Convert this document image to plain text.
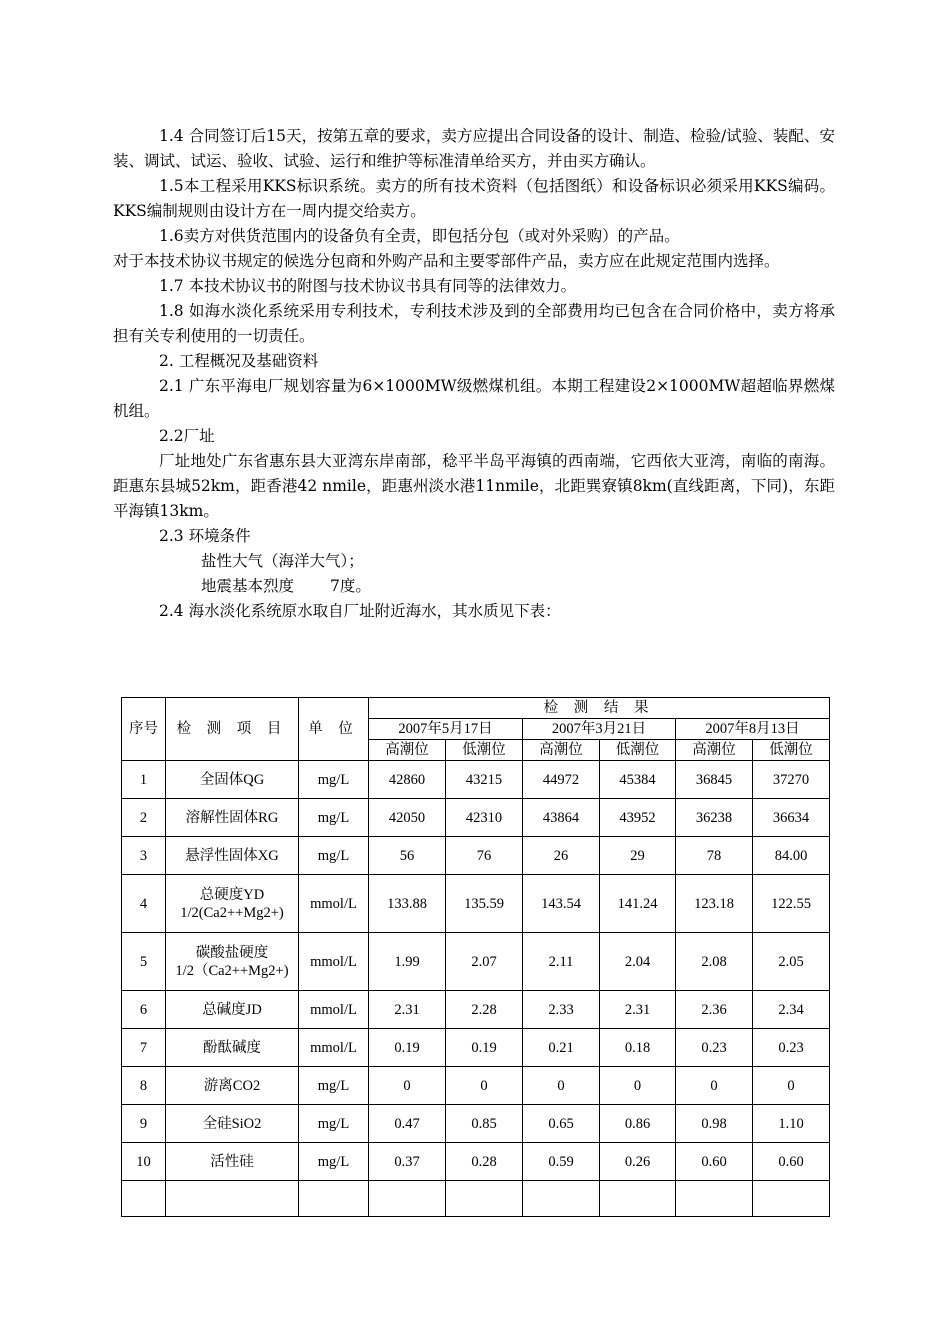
1.4 合同签订后15天，按第五章的要求，卖方应提出合同设备的设计、制造、检验/试验、装配、安装、调试、试运、验收、试验、运行和维护等标准清单给买方，并由买方确认。

1.5本工程采用KKS标识系统。卖方的所有技术资料（包括图纸）和设备标识必须采用KKS编码。KKS编制规则由设计方在一周内提交给卖方。

1.6卖方对供货范围内的设备负有全责，即包括分包（或对外采购）的产品。

对于本技术协议书规定的候选分包商和外购产品和主要零部件产品，卖方应在此规定范围内选择。

1.7 本技术协议书的附图与技术协议书具有同等的法律效力。

1.8 如海水淡化系统采用专利技术，专利技术涉及到的全部费用均已包含在合同价格中，卖方将承担有关专利使用的一切责任。

2. 工程概况及基础资料

2.1 广东平海电厂规划容量为6×1000MW级燃煤机组。本期工程建设2×1000MW超超临界燃煤机组。

2.2厂址

厂址地处广东省惠东县大亚湾东岸南部，稔平半岛平海镇的西南端，它西依大亚湾，南临的南海。距惠东县城52km，距香港42 nmile，距惠州淡水港11nmile，北距巽寮镇8km(直线距离，下同)，东距平海镇13km。

2.3 环境条件

盐性大气（海洋大气）；

地震基本烈度 7度。

2.4 海水淡化系统原水取自厂址附近海水，其水质见下表：

序号	检 测 项 目	单 位	检 测 结 果					
			2007年5月17日		2007年3月21日		2007年8月13日	
			高潮位	低潮位	高潮位	低潮位	高潮位	低潮位
1	全固体QG	mg/L	42860	43215	44972	45384	36845	37270
2	溶解性固体RG	mg/L	42050	42310	43864	43952	36238	36634
3	悬浮性固体XG	mg/L	56	76	26	29	78	84.00
4	总硬度YD
1/2(Ca2++Mg2+)	mmol/L	133.88	135.59	143.54	141.24	123.18	122.55
5	碳酸盐硬度
1/2（Ca2++Mg2+)	mmol/L	1.99	2.07	2.11	2.04	2.08	2.05
6	总碱度JD	mmol/L	2.31	2.28	2.33	2.31	2.36	2.34
7	酚酞碱度	mmol/L	0.19	0.19	0.21	0.18	0.23	0.23
8	游离CO2	mg/L	0	0	0	0	0	0
9	全硅SiO2	mg/L	0.47	0.85	0.65	0.86	0.98	1.10
10	活性硅	mg/L	0.37	0.28	0.59	0.26	0.60	0.60
